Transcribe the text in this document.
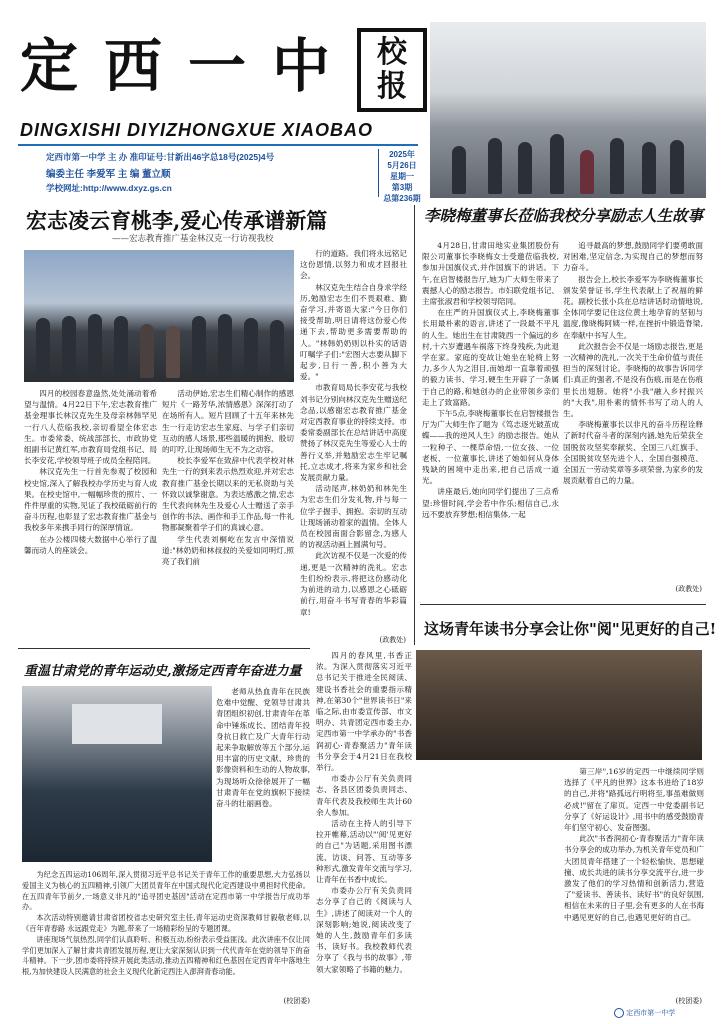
定西一中 校
报
DINGXISHI DIYIZHONGXUE XIAOBAO
定西市第一中学 主 办 准印证号:甘新出46字总18号(2025)4号
编委主任 李爱军 主 编 董立顺
学校网址:http://www.dxyz.gs.cn
2025年
5月26日
星期一
第3期
总第236期
宏志凌云育桃李,爱心传承谱新篇
——宏志教育推广基金林汉克一行访视我校

行的道路。我们将永远铭记这份恩情,以努力和成才回报社会。

林汉克先生结合自身求学经历,勉励宏志生们不畏艰难、勤奋学习,并寄语大家:"今日你们接受帮助,明日请将这份爱心传递下去,帮助更多需要帮助的人。"林韩奶奶则以朴实的话语叮嘱学子们:"宏图大志要从脚下起步,日行一善,积小善为大爱。"

市教育局局长李安花与我校刘书记分别向林汉克先生赠送纪念品,以感谢宏志教育推广基金对定西教育事业的持续支持。市委常委副部长在总结讲话中高度赞扬了林汉克先生等爱心人士的善行义举,并勉励宏志生牢记嘱托,立志成才,将来为家乡和社会发展贡献力量。

活动尾声,林奶奶和林先生为宏志生们分发礼物,并与每一位学子握手、拥抱。亲切的互动让现场涌动着家的温情。全体人员在校园南面合影留念,为感人的访视活动画上圆满句号。

此次访视不仅是一次爱的传递,更是一次精神的洗礼。宏志生们纷纷表示,将把这份感动化为前进的动力,以感恩之心砥砺前行,用奋斗书写青春的华彩篇章!

四月的校园春意盎然,处处涌动着希望与温情。4月22日下午,宏志教育推广基金理事长林汉克先生及母亲林韩罕见一行八人莅临我校,亲切看望全体宏志生。市委常委、统战部部长、市政协党组副书记黄红军,市教育局党组书记、局长李安花,学校领导班子成员全程陪同。

林汉克先生一行首先参观了校园和校史馆,深入了解我校办学历史与育人成果。在校史馆中,一幅幅珍贵的照片、一件件厚重的实物,见证了我校砥砺前行的奋斗历程,也彰显了宏志教育推广基金与我校多年来携手同行的深厚情谊。

在办公楼四楼大数据中心举行了温馨而动人的座谈会。

活动伊始,宏志生们精心制作的感恩短片《一路芳华,浓情感恩》深深打动了在场所有人。短片回顾了十五年来林先生一行走访宏志生家庭、与学子们亲切互动的感人场景,那些温暖的拥抱、殷切的叮咛,让现场师生无不为之动容。

校长李爱军在致辞中代表学校对林先生一行的到来表示热烈欢迎,并对宏志教育推广基金长期以来的无私资助与关怀致以诚挚谢意。为表达感激之情,宏志生代表向林先生及爱心人士赠送了亲手创作的书法、画作和手工作品,每一件礼物都凝聚着学子们的真诚心意。

学生代表刘桐屹在发言中深情说道:"林奶奶和林叔叔的关爱如同明灯,照亮了我们前

(政教处)
李晓梅董事长莅临我校分享励志人生故事

4月28日,甘肃田地实业集团股份有限公司董事长李晓梅女士受邀莅临我校,参加升国旗仪式,并作国旗下的讲话。下午,在启智楼报告厅,她为广大师生带来了震撼人心的励志报告。市妇联党组书记、主席张淑君和学校领导陪同。

在庄严的升国旗仪式上,李晓梅董事长用最朴素的语言,讲述了一段最不平凡的人生。她出生在甘肃陇西一个偏远的乡村,十六岁遭遇车祸落下终身残疾,为此退学在家。家庭的变故让她坐在轮椅上努力,多少人为之泪目,而她却一直靠着顽强的毅力读书、学习,硬生生开辟了一条属于自己的路,和她创办的企业带领乡亲们走上了致富路。

下午5点,李晓梅董事长在启智楼报告厅为广大师生作了题为《笃志逐光破茧成蝶——我的逆风人生》的励志报告。她从一粒种子、一棵草命悟,一位女孩、一位老板、一位董事长,讲述了她如何从身体残缺的困境中走出来,把自己活成一道光。

讲座最后,她向同学们提出了三点希望:珍惜时间,学会若中作乐;相信自己,永远不要放弃梦想;相信集体,一起

追寻最高的梦想,鼓励同学们要勇敢面对困难,坚定信念,为实现自己的梦想而努力奋斗。

报告会上,校长李爱军为李晓梅董事长颁发荣誉证书,学生代表献上了祝福的鲜花。副校长张小兵在总结讲话时动情地说,全体同学要记住这位黄土地孕育的坚韧与温度,像晓梅阿姨一样,在挫折中锻造脊梁,在奉献中书写人生。

此次报告会不仅是一场励志报告,更是一次精神的洗礼,一次关于生命价值与责任担当的深刻讨论。李晓梅的故事告诉同学们:真正的强者,不是没有伤痕,而是在伤痕里长出翅膀。她将"小我"融入乡村振兴的"大我",用朴素的情怀书写了动人的人生。

李晓梅董事长以非凡的奋斗历程诠释了新时代奋斗者的深刻内涵,她先后荣获全国脱贫攻坚奖奉献奖、全国三八红旗手、全国脱贫攻坚先进个人、全国自强模范、全国五一劳动奖章等多项荣誉,为家乡的发展贡献着自己的力量。

(政教处)
这场青年读书分享会让你"阅"见更好的自己!

四月的春风里,书香正浓。为深入贯彻落实习近平总书记关于推进全民阅读、建设书香社会的重要指示精神,在第30个"世界读书日"来临之际,由市委宣传部、市文明办、共青团定西市委主办,定西市第一中学承办的"书香润初心·青春聚活力"青年读书分享会于4月21日在我校举行。

市委办公厅有关负责同志、各县区团委负责同志、青年代表及我校师生共计60余人参加。

活动在主持人的引导下拉开帷幕,活动以"'阅'见更好的自己"为话题,采用图书漂流、访谈、问答、互动等多种形式,激发青年交流与学习,让青年在书香中成长。

市委办公厅有关负责同志分享了自己的《阅读与人生》,讲述了阅读对一个人的深刻影响;她说,阅读改变了她的人生,鼓励青年们多读书、读好书。我校教师代表分享了《我与书的故事》,带领大家领略了书籍的魅力。

第三岸",16岁的定西一中继续同学则选择了《平凡的世界》这本书进给了18岁的自己,并将"路孤远行明将至,事虽难做则必成!"留在了扉页。定西一中党委副书记分享了《好运设计》,用书中的感受鼓励青年们坚守初心、发奋图强。

此次"书香润初心·青春聚活力"青年读书分享会的成功举办,为机关青年党员和广大团员青年搭建了一个轻松愉快、思想碰撞、成长共进的读书分享交流平台,进一步激发了他们的学习热情和创新活力,营造了"爱读书、善读书、读好书"的良好氛围,相信在未来的日子里,会有更多的人在书海中遇见更好的自己,也遇见更好的自己。

(校团委)
重温甘肃党的青年运动史,激扬定西青年奋进力量

老师从热血青年在民族危难中觉醒、党领导甘肃共青团组织初创,甘肃青年在革命中锤炼成长、团结青年投身抗日救亡及广大青年行动起来争取解放等五个部分,运用丰富的历史文献、珍贵的影像资料和生动的人物故事,为现场听众徐徐展开了一幅甘肃青年在党的旗帜下接续奋斗的壮丽画卷。

为纪念五四运动106周年,深入贯彻习近平总书记关于青年工作的重要思想,大力弘扬以爱国主义为核心的五四精神,引领广大团员青年在中国式现代化定西建设中勇担时代使命。在五四青年节前夕,一场意义非凡的"追寻团史基因"活动在定西市第一中学报告厅成功举办。

本次活动特别邀请甘肃省团校省志史研究室主任,青年运动史资深教师甘毅敬老师,以《百年青春路 永远跟党走》为题,带来了一场精彩纷呈的专题团课。

讲座现场气氛热烈,同学们认真聆听、积极互动,纷纷表示受益匪浅。此次讲座不仅让同学们更加深入了解甘肃共青团发展历程,更让大家深刻认识到一代代青年在党的领导下的奋斗精神。下一步,团市委将持续开展此类活动,推动五四精神和红色基因在定西青年中落地生根,为加快建设人民满意的社会主义现代化新定西注入澎湃青春动能。

(校团委)
定西市第一中学
